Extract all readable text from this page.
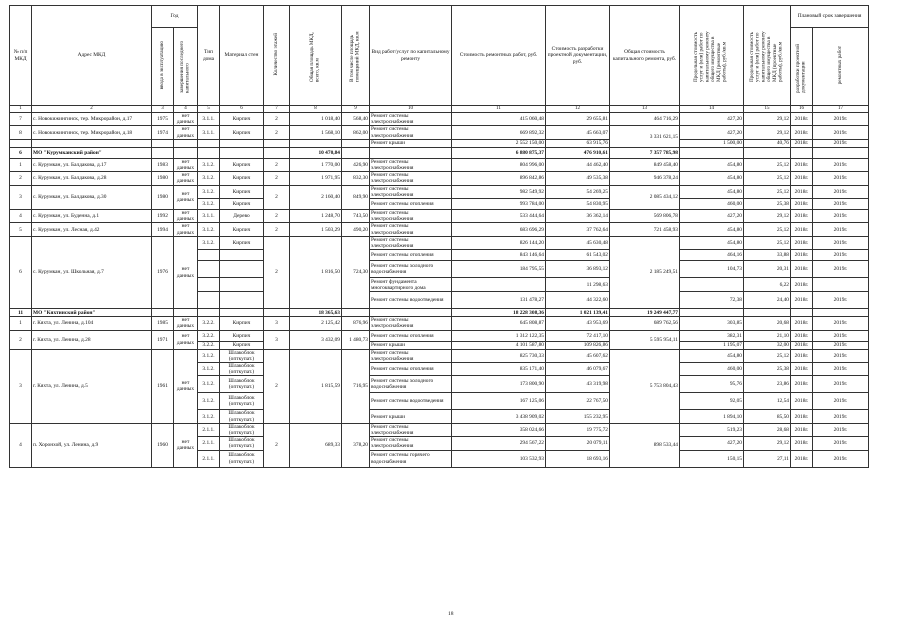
№ п/п МКД	Адрес МКД	Год		Тип дома	Материал стен	Количество этажей	Общая площадь МКД, всего, кв.м	В том числе площадь помещений МКД, кв.м	Вид работ/услуг по капитальному ремонту	Стоимость ремонтных работ, руб.	Стоимость разработки проектной документации, руб.	Общая стоимость капитального ремонта, руб.	Предельная стоимость услуг и (или) работ по капитальному ремонту общего имущества в МКД (ремонтные работы), руб./кв.м	Предельная стоимость услуг и (или) работ по капитальному ремонту общего имущества в МКД (проектные работы), руб./кв.м	Плановый срок завершения	
		ввода в эксплуатацию	завершения последнего капитального												разработки проектной документации	ремонтных работ
1	2	3	4	5	6	7	8	9	10	11	12	13	14	15	16	17
7	с. Новокижингинск, тер. Микрорайон, д.17	1975	нет данных	3.1.1.	Кирпич	2	1 018,40	568,40	Ремонт системы электроснабжения	415 060,48	29 655,81	464 716,29	427,20	29,12	2018г.	2019г.
8	с. Новокижингинск, тер. Микрорайон, д.18	1974	нет данных	3.1.1.	Кирпич	2	1 568,10	862,00	Ремонт системы электроснабжения	669 892,32	45 663,07	3 331 621,15	427,20	29,12	2018г.	2019г.
									Ремонт крыши	2 552 150,00	63 915,76		1 500,00	40,76	2018г.	2019г.
6	МО "Курумканский район"						10 470,84			6 880 875,37	476 910,61	7 357 785,98				
1	с. Курумкан, ул. Балдакова, д.17	1983	нет данных	3.1.2.	Кирпич	2	1 770,00	426,90	Ремонт системы электроснабжения	804 996,00	44 462,40	849 458,40	454,80	25,12	2018г.	2019г.
2	с. Курумкан, ул. Балдакова, д.28	1980	нет данных	3.1.2.	Кирпич	2	1 971,95	832,30	Ремонт системы электроснабжения	896 842,86	49 535,38	946 378,24	454,80	25,12	2018г.	2019г.
3	с. Курумкан, ул. Балдакова, д.30	1980	нет данных	3.1.2.	Кирпич	2	2 160,40	849,90	Ремонт системы электроснабжения	982 549,92	54 269,25	2 085 434,12	454,80	25,12	2018г.	2019г.
				3.1.2.	Кирпич				Ремонт системы отопления	993 784,00	54 830,95		460,00	25,38	2018г.	2019г.
4	с. Курумкан, ул. Буденна, д.1	1992	нет данных	3.1.1.	Дерево	2	1 248,70	743,50	Ремонт системы электроснабжения	533 444,64	36 362,14	569 806,78	427,20	29,12	2018г.	2019г.
5	с. Курумкан, ул. Лесная, д.42	1994	нет данных	3.1.2.	Кирпич	2	1 503,29	490,20	Ремонт системы электроснабжения	683 696,29	37 762,64	721 458,93	454,80	25,12	2018г.	2019г.
6	с. Курумкан, ул. Школьная, д.7	1976	нет данных	3.1.2.	Кирпич	2	1 816,50	724,30	Ремонт системы электроснабжения	826 144,20	45 630,48	2 185 249,51	454,80	25,12	2018г.	2019г.
									Ремонт системы отопления	843 146,64	61 543,02		464,16	33,88	2018г.	2019г.
									Ремонт системы холодного водоснабжения	184 795,55	36 893,12		104,73	20,31	2018г.	2019г.
									Ремонт фундамента многоквартирного дома		11 298,63			6,22	2018г.	
									Ремонт системы водоотведения	131 478,27	44 322,60		72,38	24,40	2018г.	2019г.
11	МО "Кяхтинский район"						18 365,63			18 228 308,36	1 021 139,41	19 249 447,77				
1	г. Кяхта, ул. Ленина, д.104	1985	нет данных	3.2.2.	Кирпич	3	2 125,42	876,96	Ремонт системы электроснабжения	645 808,87	43 953,69	689 762,56	303,85	20,68	2018г.	2019г.
2	г. Кяхта, ул. Ленина, д.28	1971	нет данных	3.2.2.	Кирпич	3	3 432,09	1 480,73	Ремонт системы отопления	1 312 122,35	72 417,10	5 595 954,11	382,31	21,10	2018г.	2019г.
				3.2.2.	Кирпич				Ремонт крыши	4 101 587,80	109 826,86		1 195,07	32,00	2018г.	2019г.
3	г. Кяхта, ул. Ленина, д.5	1961	нет данных	3.1.2.	Шлакоблок (опткупат.)	2	1 815,59	716,95	Ремонт системы электроснабжения	825 730,33	45 607,62	5 753 804,43	454,80	25,12	2018г.	2019г.
				3.1.2.	Шлакоблок (опткупат.)				Ремонт системы отопления	835 171,40	46 079,67		460,00	25,38	2018г.	2019г.
				3.1.2.	Шлакоблок (опткупат.)				Ремонт системы холодного водоснабжения	173 800,90	43 319,98		95,76	23,86	2018г.	2019г.
				3.1.2.	Шлакоблок (опткупат.)				Ремонт системы водоотведения	167 125,06	22 767,50		92,05	12,54	2018г.	2019г.
				3.1.2.	Шлакоблок (опткупат.)				Ремонт крыши	3 438 909,02	155 232,95		1 894,10	85,50	2018г.	2019г.
4	п. Хоронхой, ул. Ленина, д.9	1960	нет данных	2.1.1.	Шлакоблок (опткупат.)	2	689,33	378,20	Ремонт системы электроснабжения	358 024,66	19 775,72	898 533,44	519,23	28,68	2018г.	2019г.
				2.1.1.	Шлакоблок (опткупат.)				Ремонт системы электроснабжения	294 567,22	20 079,11		427,20	29,12	2018г.	2019г.
				2.1.1.	Шлакоблок (опткупат.)				Ремонт системы горячего водоснабжения	103 532,93	18 693,16		150,15	27,11	2018г.	2019г.
18
